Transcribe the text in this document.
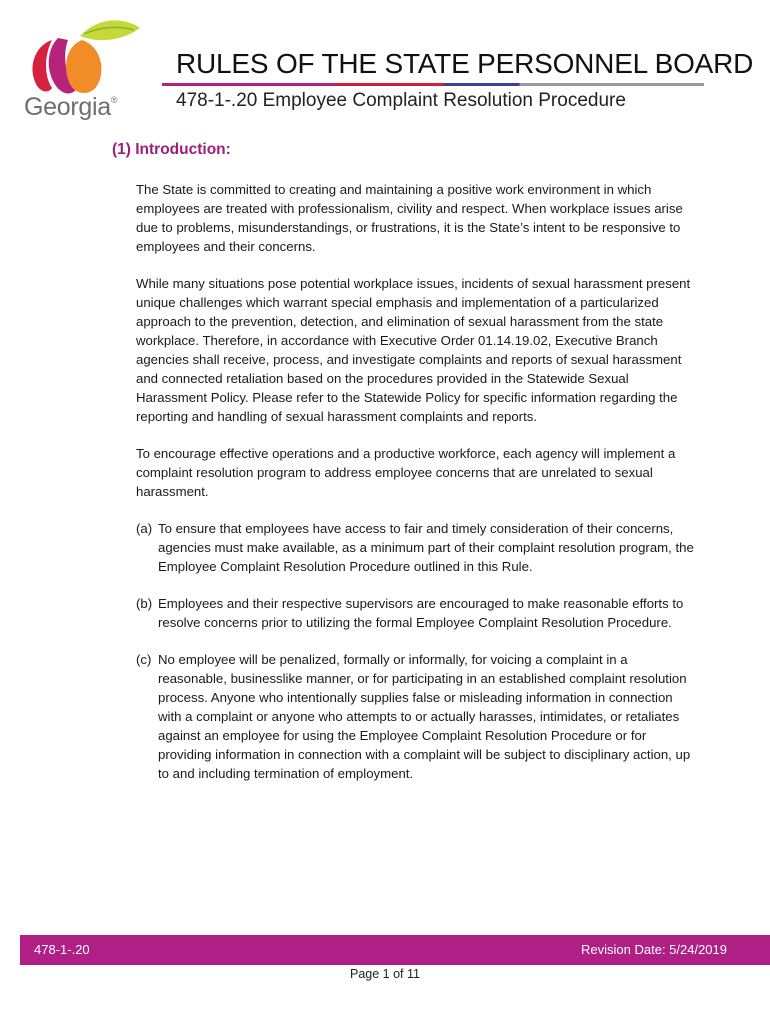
Georgia®
RULES OF THE STATE PERSONNEL BOARD
478-1-.20 Employee Complaint Resolution Procedure
(1) Introduction:

The State is committed to creating and maintaining a positive work environment in which employees are treated with professionalism, civility and respect. When workplace issues arise due to problems, misunderstandings, or frustrations, it is the State’s intent to be responsive to employees and their concerns.

While many situations pose potential workplace issues, incidents of sexual harassment present unique challenges which warrant special emphasis and implementation of a particularized approach to the prevention, detection, and elimination of sexual harassment from the state workplace. Therefore, in accordance with Executive Order 01.14.19.02, Executive Branch agencies shall receive, process, and investigate complaints and reports of sexual harassment and connected retaliation based on the procedures provided in the Statewide Sexual Harassment Policy. Please refer to the Statewide Policy for specific information regarding the reporting and handling of sexual harassment complaints and reports.

To encourage effective operations and a productive workforce, each agency will implement a complaint resolution program to address employee concerns that are unrelated to sexual harassment.

(a) To ensure that employees have access to fair and timely consideration of their concerns, agencies must make available, as a minimum part of their complaint resolution program, the Employee Complaint Resolution Procedure outlined in this Rule.
(b) Employees and their respective supervisors are encouraged to make reasonable efforts to resolve concerns prior to utilizing the formal Employee Complaint Resolution Procedure.
(c) No employee will be penalized, formally or informally, for voicing a complaint in a reasonable, businesslike manner, or for participating in an established complaint resolution process. Anyone who intentionally supplies false or misleading information in connection with a complaint or anyone who attempts to or actually harasses, intimidates, or retaliates against an employee for using the Employee Complaint Resolution Procedure or for providing information in connection with a complaint will be subject to disciplinary action, up to and including termination of employment.
478-1-.20	Revision Date: 5/24/2019
Page 1 of 11
